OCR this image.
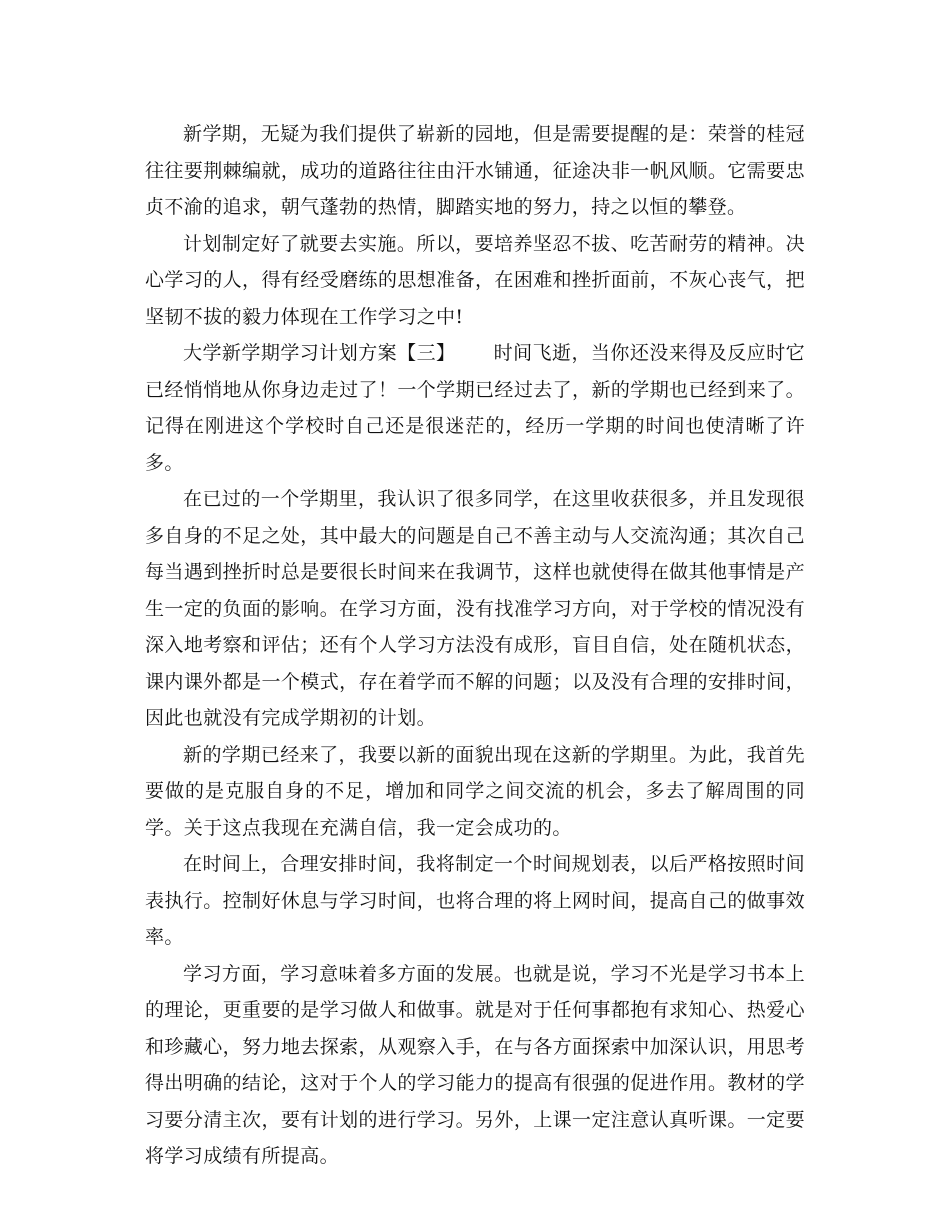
新学期，无疑为我们提供了崭新的园地，但是需要提醒的是：荣誉的桂冠往往要荆棘编就，成功的道路往往由汗水铺通，征途决非一帆风顺。它需要忠贞不渝的追求，朝气蓬勃的热情，脚踏实地的努力，持之以恒的攀登。

计划制定好了就要去实施。所以，要培养坚忍不拔、吃苦耐劳的精神。决心学习的人，得有经受磨练的思想准备，在困难和挫折面前，不灰心丧气，把坚韧不拔的毅力体现在工作学习之中!

大学新学期学习计划方案【三】 时间飞逝，当你还没来得及反应时它已经悄悄地从你身边走过了！一个学期已经过去了，新的学期也已经到来了。记得在刚进这个学校时自己还是很迷茫的，经历一学期的时间也使清晰了许多。

在已过的一个学期里，我认识了很多同学，在这里收获很多，并且发现很多自身的不足之处，其中最大的问题是自己不善主动与人交流沟通；其次自己每当遇到挫折时总是要很长时间来在我调节，这样也就使得在做其他事情是产生一定的负面的影响。在学习方面，没有找准学习方向，对于学校的情况没有深入地考察和评估；还有个人学习方法没有成形，盲目自信，处在随机状态，课内课外都是一个模式，存在着学而不解的问题；以及没有合理的安排时间，因此也就没有完成学期初的计划。

新的学期已经来了，我要以新的面貌出现在这新的学期里。为此，我首先要做的是克服自身的不足，增加和同学之间交流的机会，多去了解周围的同学。关于这点我现在充满自信，我一定会成功的。

在时间上，合理安排时间，我将制定一个时间规划表，以后严格按照时间表执行。控制好休息与学习时间，也将合理的将上网时间，提高自己的做事效率。

学习方面，学习意味着多方面的发展。也就是说，学习不光是学习书本上的理论，更重要的是学习做人和做事。就是对于任何事都抱有求知心、热爱心和珍藏心，努力地去探索，从观察入手，在与各方面探索中加深认识，用思考得出明确的结论，这对于个人的学习能力的提高有很强的促进作用。教材的学习要分清主次，要有计划的进行学习。另外，上课一定注意认真听课。一定要将学习成绩有所提高。
